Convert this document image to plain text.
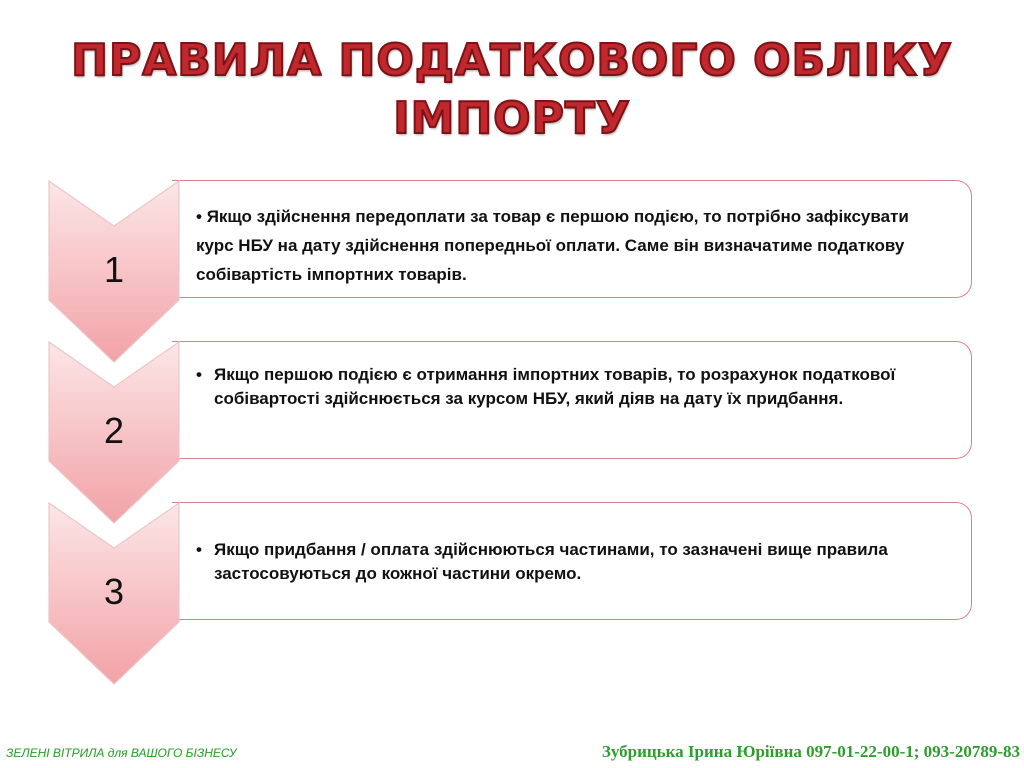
ПРАВИЛА ПОДАТКОВОГО ОБЛІКУ
ІМПОРТУ
1
• Якщо здійснення передоплати за товар є першою подією, то потрібно зафіксувати курс НБУ на дату здійснення попередньої оплати. Саме він визначатиме податкову собівартість імпортних товарів.
2
• Якщо першою подією є отримання імпортних товарів, то розрахунок податкової собівартості здійснюється за курсом НБУ, який діяв на дату їх придбання.
3
• Якщо придбання / оплата здійснюються частинами, то зазначені вище правила застосовуються до кожної частини окремо.
ЗЕЛЕНІ ВІТРИЛА для ВАШОГО БІЗНЕСУ	Зубрицька Ірина Юріївна 097-01-22-00-1; 093-20789-83
